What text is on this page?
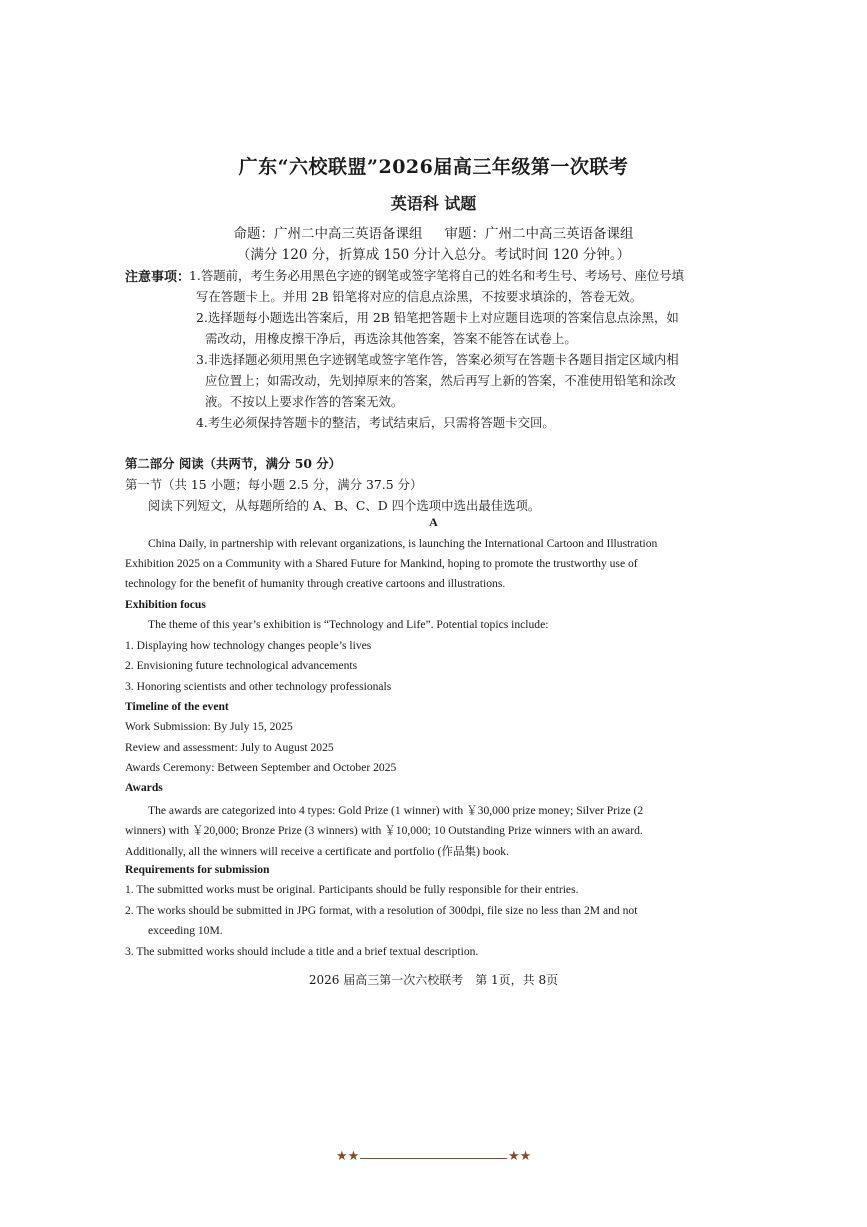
广东“六校联盟”2026届高三年级第一次联考
英语科 试题
命题：广州二中高三英语备课组 审题：广州二中高三英语备课组
（满分 120 分，折算成 150 分计入总分。考试时间 120 分钟。）
注意事项：
1.答题前，考生务必用黑色字迹的钢笔或签字笔将自己的姓名和考生号、考场号、座位号填
写在答题卡上。并用 2B 铅笔将对应的信息点涂黑，不按要求填涂的，答卷无效。
2.选择题每小题选出答案后，用 2B 铅笔把答题卡上对应题目选项的答案信息点涂黑，如
需改动，用橡皮擦干净后，再选涂其他答案，答案不能答在试卷上。
3.非选择题必须用黑色字迹钢笔或签字笔作答，答案必须写在答题卡各题目指定区域内相
应位置上；如需改动，先划掉原来的答案，然后再写上新的答案，不准使用铅笔和涂改
液。不按以上要求作答的答案无效。
4.考生必须保持答题卡的整洁，考试结束后，只需将答题卡交回。
第二部分 阅读（共两节，满分 50 分）
第一节（共 15 小题；每小题 2.5 分，满分 37.5 分）
阅读下列短文，从每题所给的 A、B、C、D 四个选项中选出最佳选项。
A
China Daily, in partnership with relevant organizations, is launching the International Cartoon and Illustration
Exhibition 2025 on a Community with a Shared Future for Mankind, hoping to promote the trustworthy use of
technology for the benefit of humanity through creative cartoons and illustrations.
Exhibition focus
The theme of this year’s exhibition is “Technology and Life”. Potential topics include:
1. Displaying how technology changes people’s lives
2. Envisioning future technological advancements
3. Honoring scientists and other technology professionals
Timeline of the event
Work Submission: By July 15, 2025
Review and assessment: July to August 2025
Awards Ceremony: Between September and October 2025
Awards
The awards are categorized into 4 types: Gold Prize (1 winner) with ￥30,000 prize money; Silver Prize (2
winners) with ￥20,000; Bronze Prize (3 winners) with ￥10,000; 10 Outstanding Prize winners with an award.
Additionally, all the winners will receive a certificate and portfolio (作品集) book.
Requirements for submission
1. The submitted works must be original. Participants should be fully responsible for their entries.
2. The works should be submitted in JPG format, with a resolution of 300dpi, file size no less than 2M and not
exceeding 10M.
3. The submitted works should include a title and a brief textual description.
2026 届高三第一次六校联考　第 1页，共 8页
★★	★★
